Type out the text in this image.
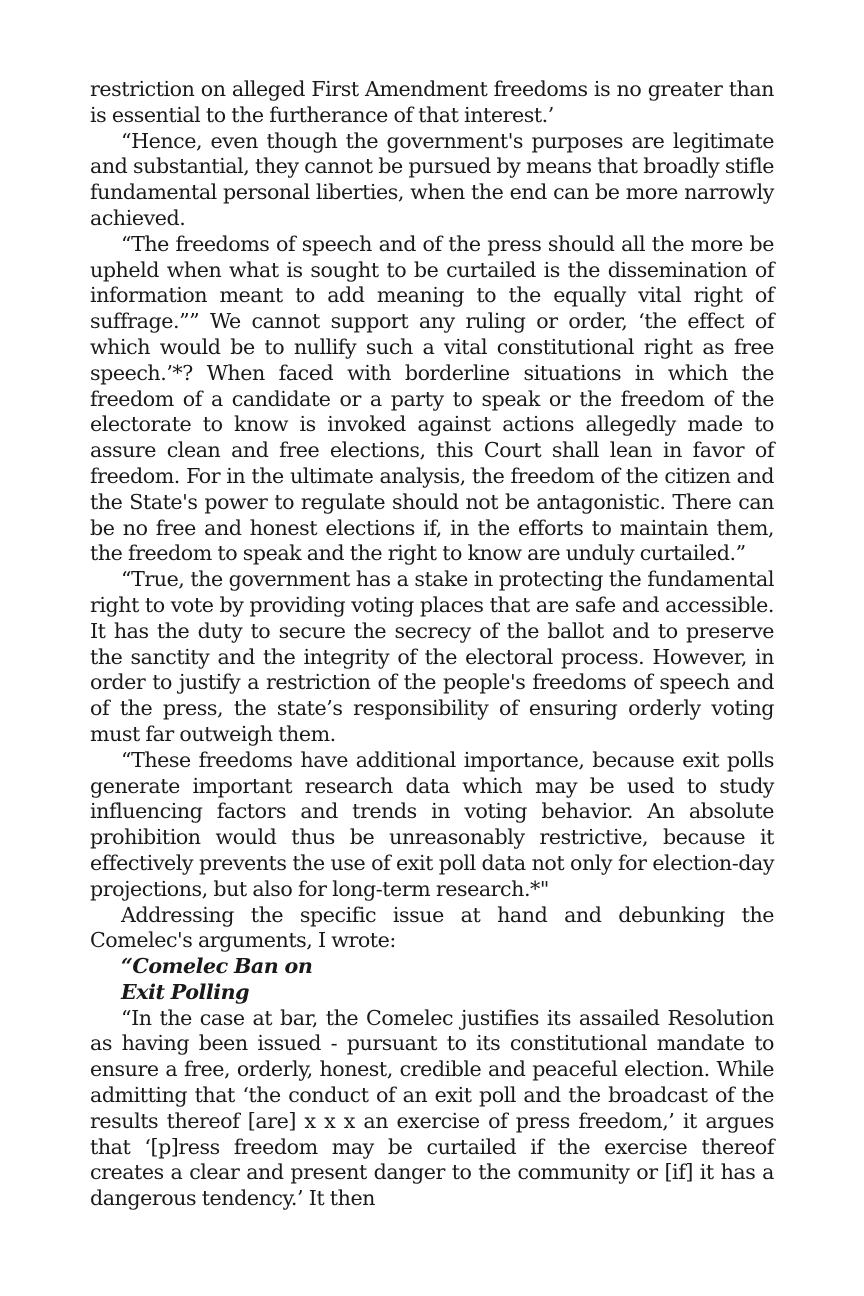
restriction on alleged First Amendment freedoms is no greater than is essential to the furtherance of that interest.’

“Hence, even though the government's purposes are legitimate and substantial, they cannot be pursued by means that broadly stifle fundamental personal liberties, when the end can be more narrowly achieved.

“The freedoms of speech and of the press should all the more be upheld when what is sought to be curtailed is the dissemination of information meant to add meaning to the equally vital right of suffrage.”” We cannot support any ruling or order, ‘the effect of which would be to nullify such a vital constitutional right as free speech.’*? When faced with borderline situations in which the freedom of a candidate or a party to speak or the freedom of the electorate to know is invoked against actions allegedly made to assure clean and free elections, this Court shall lean in favor of freedom. For in the ultimate analysis, the freedom of the citizen and the State's power to regulate should not be antagonistic. There can be no free and honest elections if, in the efforts to maintain them, the freedom to speak and the right to know are unduly curtailed.”

“True, the government has a stake in protecting the fundamental right to vote by providing voting places that are safe and accessible. It has the duty to secure the secrecy of the ballot and to preserve the sanctity and the integrity of the electoral process. However, in order to justify a restriction of the people's freedoms of speech and of the press, the state’s responsibility of ensuring orderly voting must far outweigh them.

“These freedoms have additional importance, because exit polls generate important research data which may be used to study influencing factors and trends in voting behavior. An absolute prohibition would thus be unreasonably restrictive, because it effectively prevents the use of exit poll data not only for election-day projections, but also for long-term research.*"

Addressing the specific issue at hand and debunking the Comelec's arguments, I wrote:

“Comelec Ban on

Exit Polling

“In the case at bar, the Comelec justifies its assailed Resolution as having been issued - pursuant to its constitutional mandate to ensure a free, orderly, honest, credible and peaceful election. While admitting that ‘the conduct of an exit poll and the broadcast of the results thereof [are] x x x an exercise of press freedom,’ it argues that ‘[p]ress freedom may be curtailed if the exercise thereof creates a clear and present danger to the community or [if] it has a dangerous tendency.’ It then
